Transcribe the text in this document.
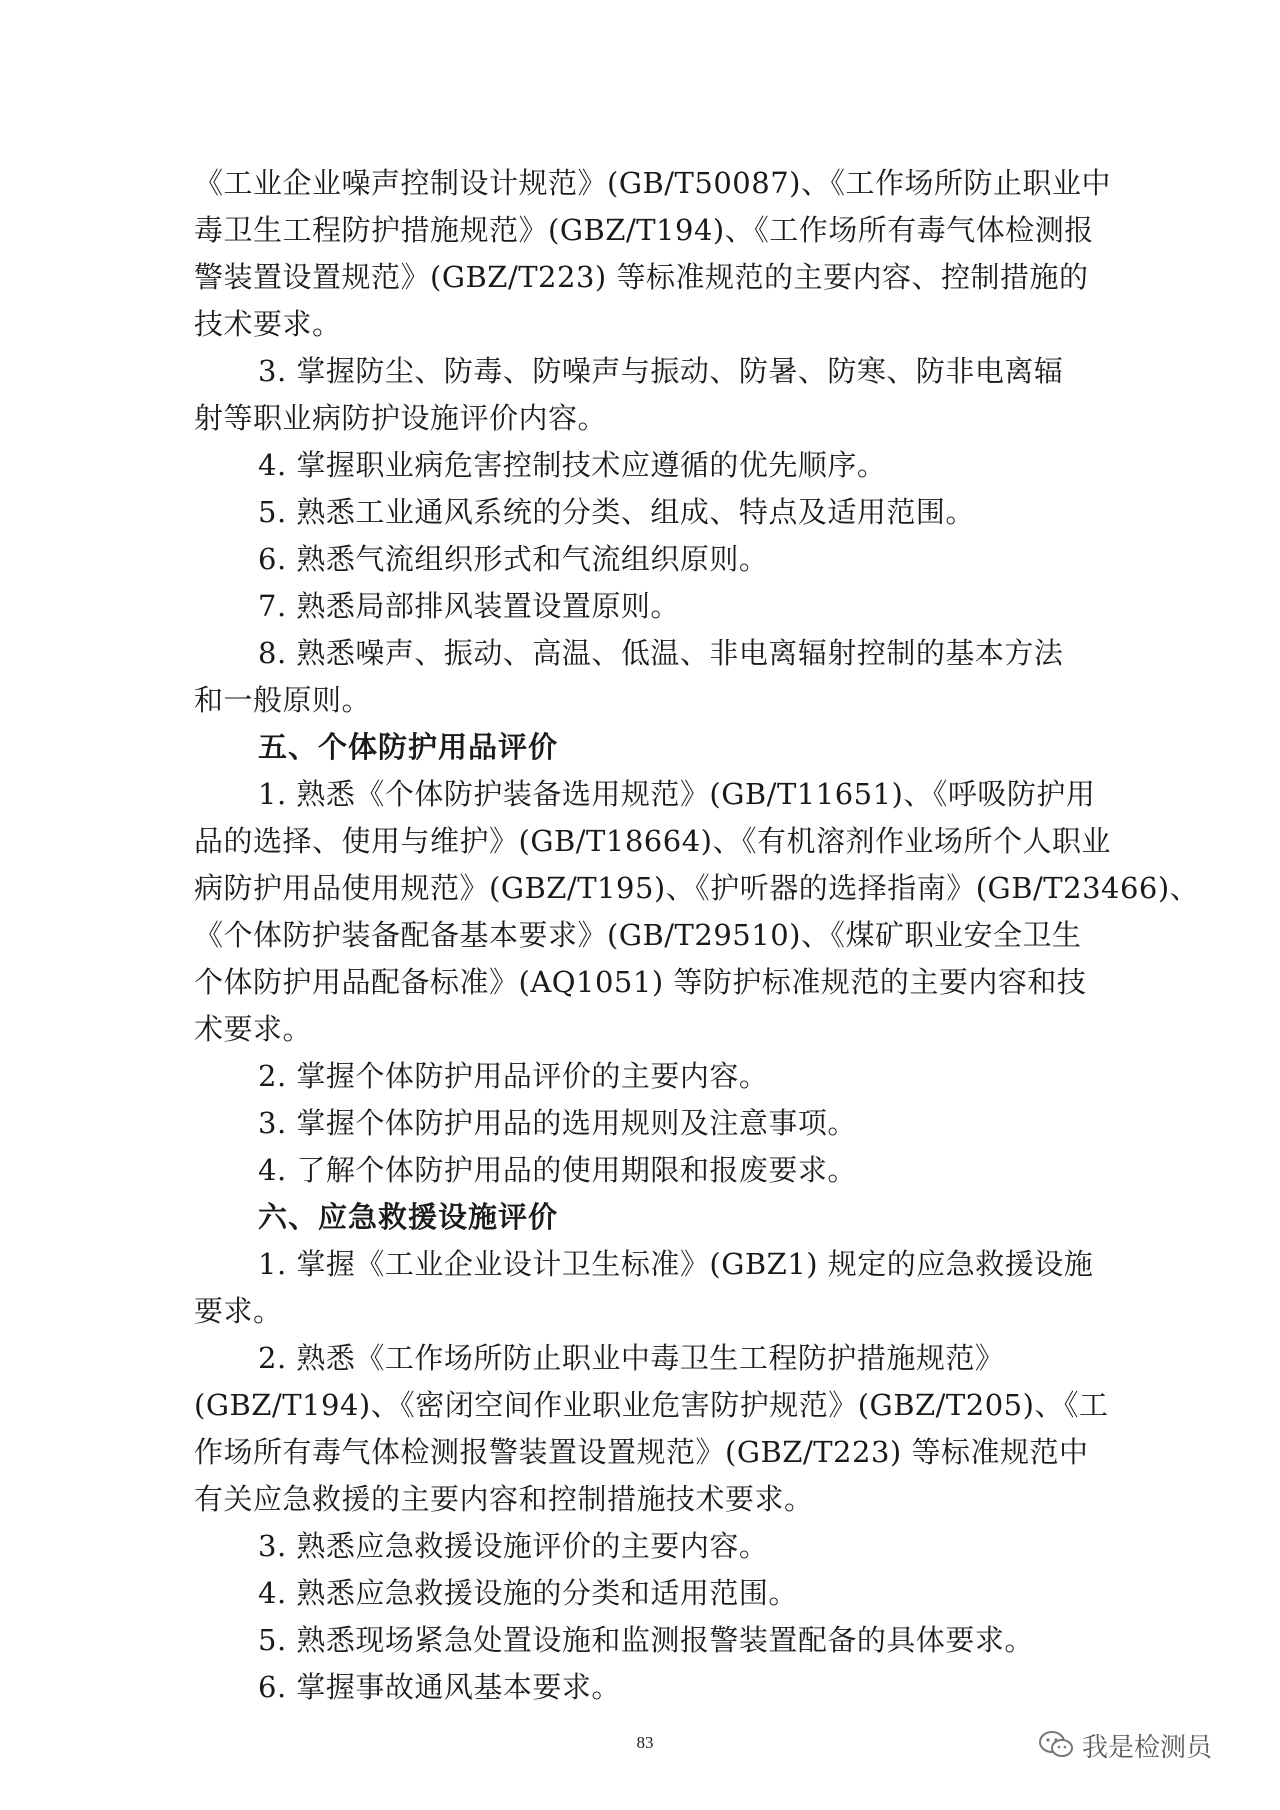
《工业企业噪声控制设计规范》(GB/T50087)、《工作场所防止职业中
毒卫生工程防护措施规范》(GBZ/T194)、《工作场所有毒气体检测报
警装置设置规范》(GBZ/T223) 等标准规范的主要内容、控制措施的
技术要求。
3. 掌握防尘、防毒、防噪声与振动、防暑、防寒、防非电离辐
射等职业病防护设施评价内容。
4. 掌握职业病危害控制技术应遵循的优先顺序。
5. 熟悉工业通风系统的分类、组成、特点及适用范围。
6. 熟悉气流组织形式和气流组织原则。
7. 熟悉局部排风装置设置原则。
8. 熟悉噪声、振动、高温、低温、非电离辐射控制的基本方法
和一般原则。
五、个体防护用品评价
1. 熟悉《个体防护装备选用规范》(GB/T11651)、《呼吸防护用
品的选择、使用与维护》(GB/T18664)、《有机溶剂作业场所个人职业
病防护用品使用规范》(GBZ/T195)、《护听器的选择指南》(GB/T23466)、
《个体防护装备配备基本要求》(GB/T29510)、《煤矿职业安全卫生
个体防护用品配备标准》(AQ1051) 等防护标准规范的主要内容和技
术要求。
2. 掌握个体防护用品评价的主要内容。
3. 掌握个体防护用品的选用规则及注意事项。
4. 了解个体防护用品的使用期限和报废要求。
六、应急救援设施评价
1. 掌握《工业企业设计卫生标准》(GBZ1) 规定的应急救援设施
要求。
2. 熟悉《工作场所防止职业中毒卫生工程防护措施规范》
(GBZ/T194)、《密闭空间作业职业危害防护规范》(GBZ/T205)、《工
作场所有毒气体检测报警装置设置规范》(GBZ/T223) 等标准规范中
有关应急救援的主要内容和控制措施技术要求。
3. 熟悉应急救援设施评价的主要内容。
4. 熟悉应急救援设施的分类和适用范围。
5. 熟悉现场紧急处置设施和监测报警装置配备的具体要求。
6. 掌握事故通风基本要求。
83	我是检测员
